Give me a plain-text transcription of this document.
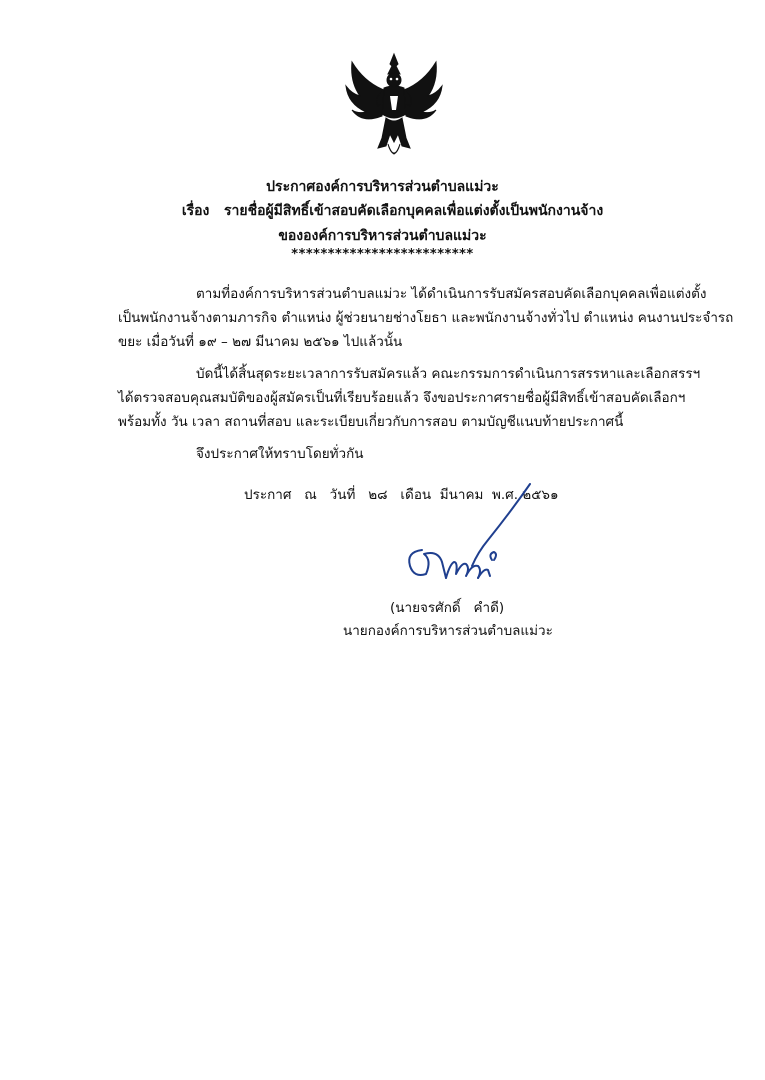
ประกาศองค์การบริหารส่วนตำบลแม่วะ
เรื่อง   รายชื่อผู้มีสิทธิ์เข้าสอบคัดเลือกบุคคลเพื่อแต่งตั้งเป็นพนักงานจ้าง
ขององค์การบริหารส่วนตำบลแม่วะ
*************************
ตามที่องค์การบริหารส่วนตำบลแม่วะ ได้ดำเนินการรับสมัครสอบคัดเลือกบุคคลเพื่อแต่งตั้ง
เป็นพนักงานจ้างตามภารกิจ ตำแหน่ง ผู้ช่วยนายช่างโยธา และพนักงานจ้างทั่วไป ตำแหน่ง คนงานประจำรถ
ขยะ เมื่อวันที่ ๑๙ – ๒๗ มีนาคม ๒๕๖๑ ไปแล้วนั้น
บัดนี้ได้สิ้นสุดระยะเวลาการรับสมัครแล้ว คณะกรรมการดำเนินการสรรหาและเลือกสรรฯ
ได้ตรวจสอบคุณสมบัติของผู้สมัครเป็นที่เรียบร้อยแล้ว จึงขอประกาศรายชื่อผู้มีสิทธิ์เข้าสอบคัดเลือกฯ
พร้อมทั้ง วัน เวลา สถานที่สอบ และระเบียบเกี่ยวกับการสอบ ตามบัญชีแนบท้ายประกาศนี้
จึงประกาศให้ทราบโดยทั่วกัน
ประกาศ   ณ   วันที่   ๒๘   เดือน  มีนาคม  พ.ศ. ๒๕๖๑
(นายจรศักดิ์   คำดี)
นายกองค์การบริหารส่วนตำบลแม่วะ
